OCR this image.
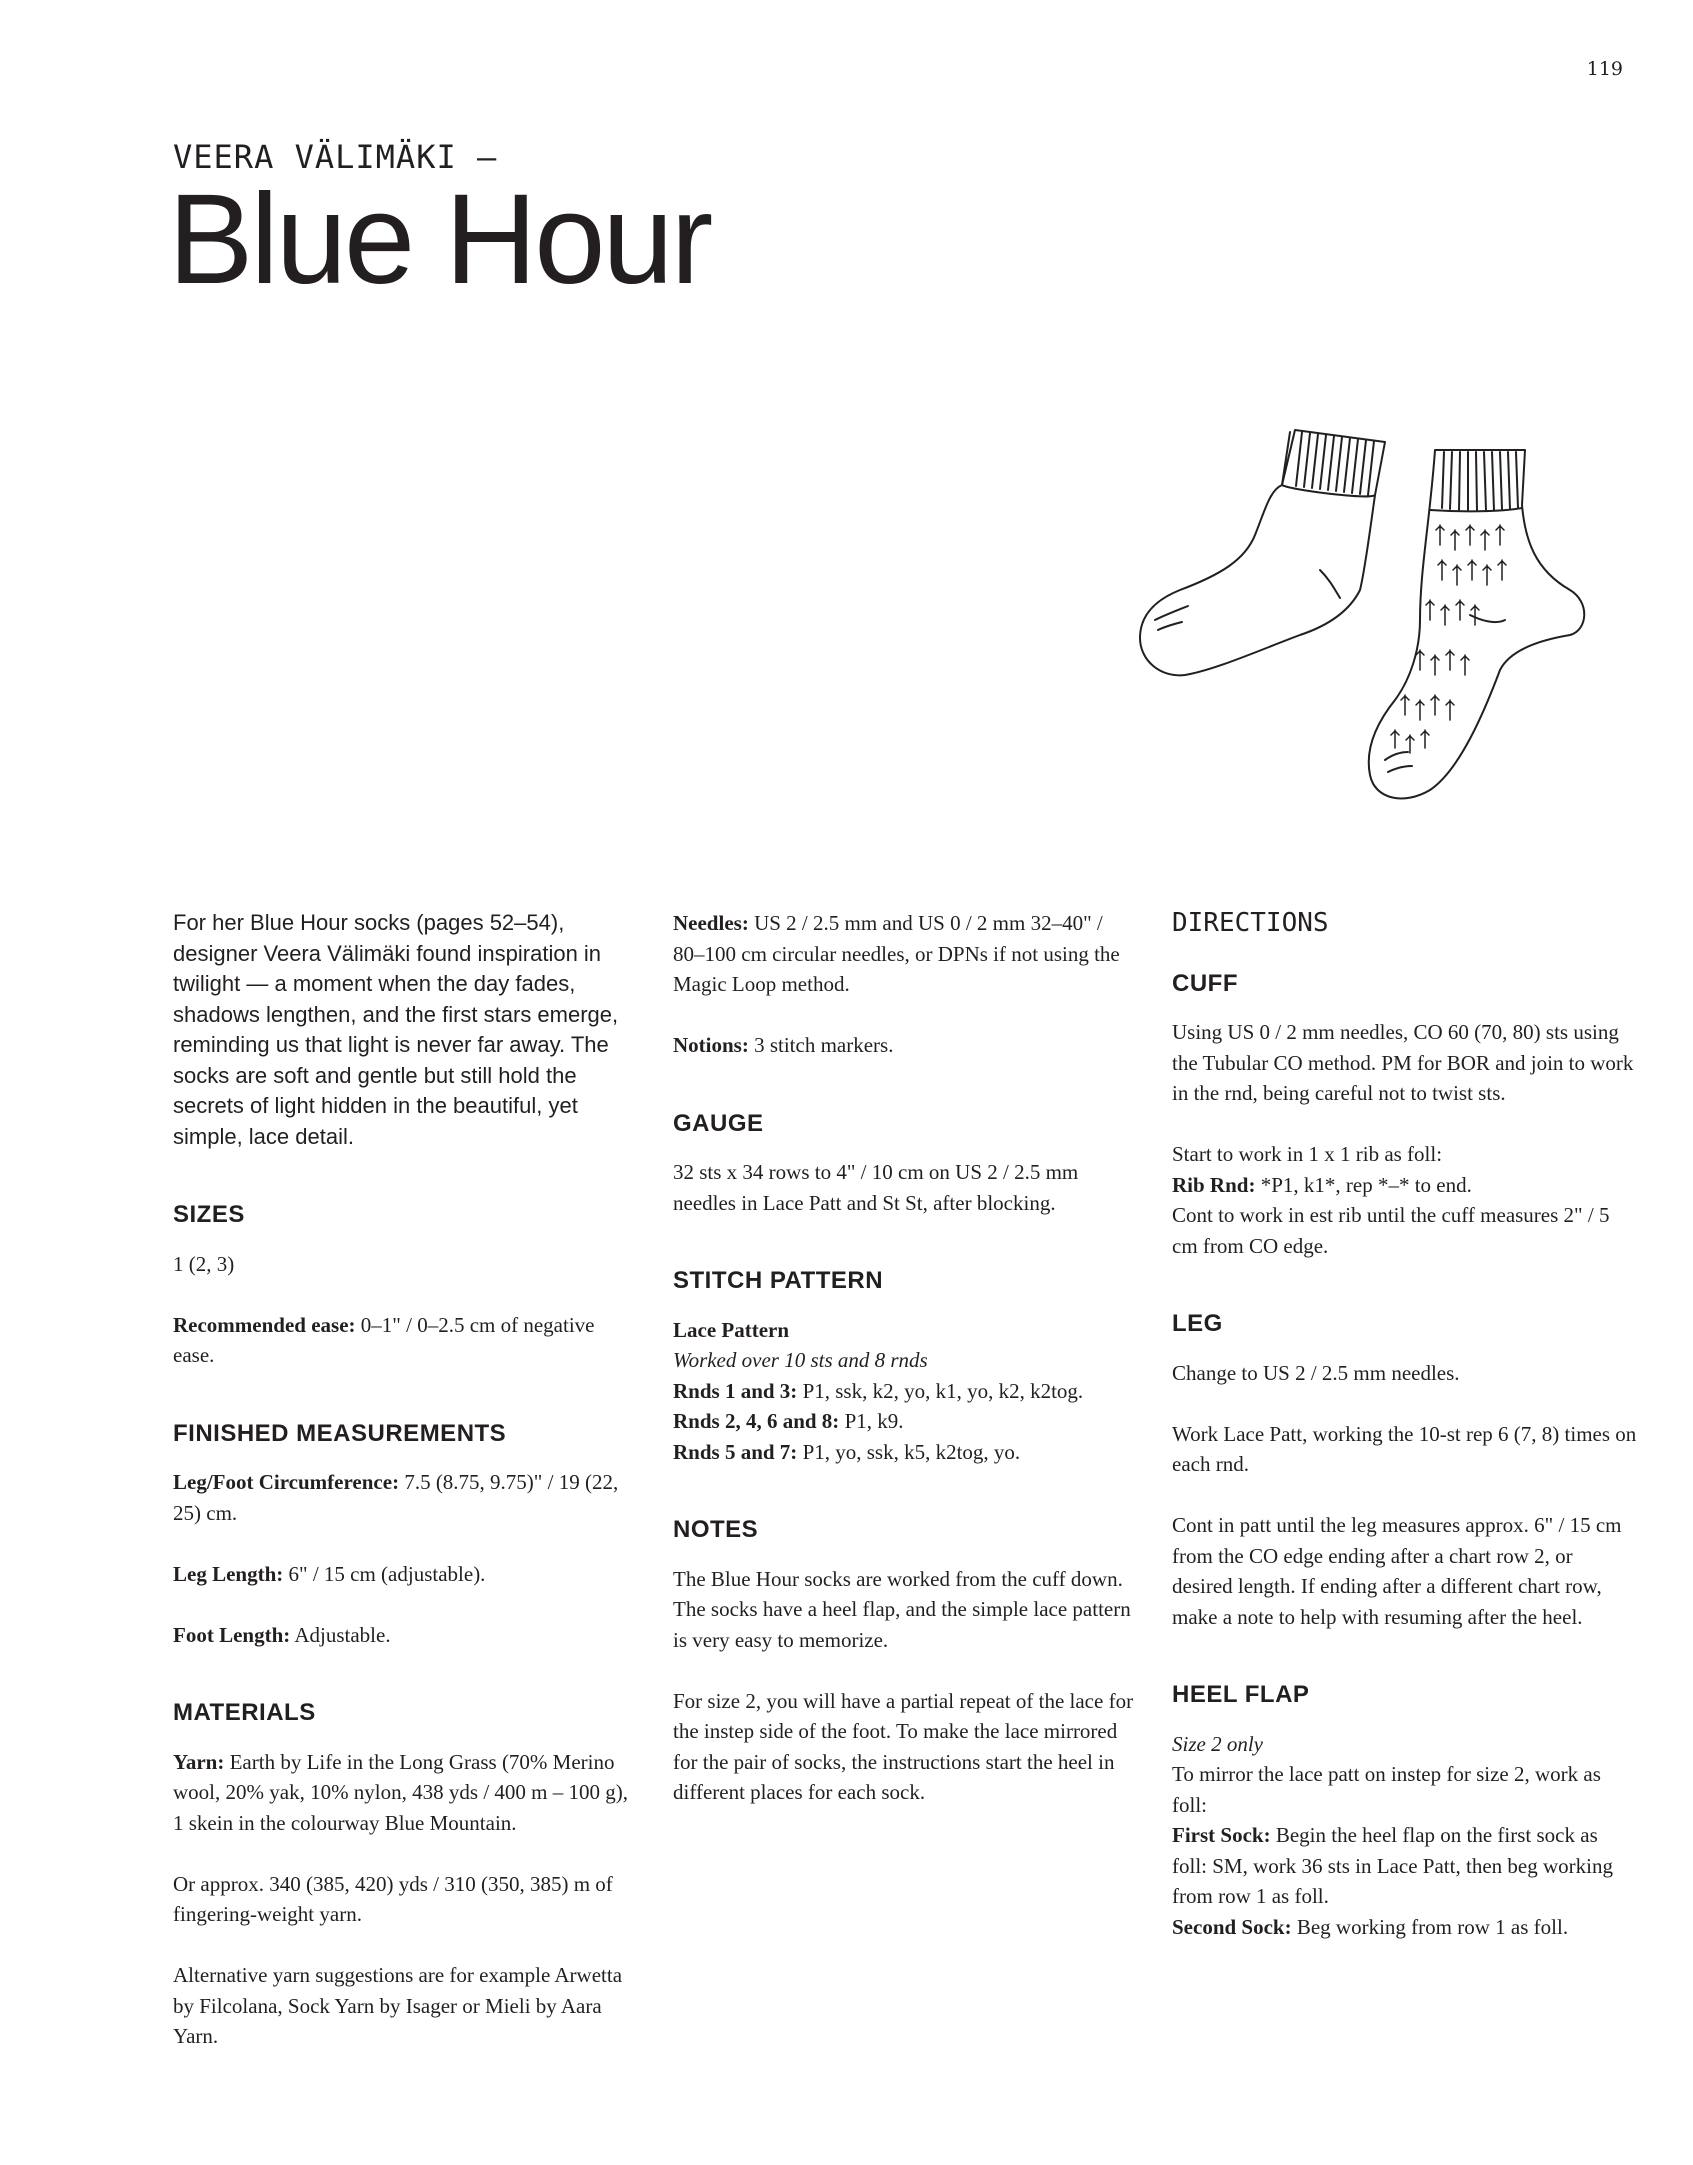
119
VEERA VÄLIMÄKI —
Blue Hour

For her Blue Hour socks (pages 52–54), designer Veera Välimäki found inspiration in twilight — a moment when the day fades, shadows lengthen, and the first stars emerge, reminding us that light is never far away. The socks are soft and gentle but still hold the secrets of light hidden in the beautiful, yet simple, lace detail.

SIZES

1 (2, 3)

Recommended ease: 0–1" / 0–2.5 cm of negative ease.

FINISHED MEASUREMENTS

Leg/Foot Circumference: 7.5 (8.75, 9.75)" / 19 (22, 25) cm.

Leg Length: 6" / 15 cm (adjustable).

Foot Length: Adjustable.

MATERIALS

Yarn: Earth by Life in the Long Grass (70% Merino wool, 20% yak, 10% nylon, 438 yds / 400 m – 100 g), 1 skein in the colourway Blue Mountain.

Or approx. 340 (385, 420) yds / 310 (350, 385) m of fingering-weight yarn.

Alternative yarn suggestions are for example Arwetta by Filcolana, Sock Yarn by Isager or Mieli by Aara Yarn.

Needles: US 2 / 2.5 mm and US 0 / 2 mm 32–40" / 80–100 cm circular needles, or DPNs if not using the Magic Loop method.

Notions: 3 stitch markers.

GAUGE

32 sts x 34 rows to 4" / 10 cm on US 2 / 2.5 mm needles in Lace Patt and St St, after blocking.

STITCH PATTERN

Lace Pattern

Worked over 10 sts and 8 rnds

Rnds 1 and 3: P1, ssk, k2, yo, k1, yo, k2, k2tog.

Rnds 2, 4, 6 and 8: P1, k9.

Rnds 5 and 7: P1, yo, ssk, k5, k2tog, yo.

NOTES

The Blue Hour socks are worked from the cuff down. The socks have a heel flap, and the simple lace pattern is very easy to memorize.

For size 2, you will have a partial repeat of the lace for the instep side of the foot. To make the lace mirrored for the pair of socks, the instructions start the heel in different places for each sock.

DIRECTIONS
CUFF

Using US 0 / 2 mm needles, CO 60 (70, 80) sts using the Tubular CO method. PM for BOR and join to work in the rnd, being careful not to twist sts.

Start to work in 1 x 1 rib as foll:

Rib Rnd: *P1, k1*, rep *–* to end.

Cont to work in est rib until the cuff measures 2" / 5 cm from CO edge.

LEG

Change to US 2 / 2.5 mm needles.

Work Lace Patt, working the 10-st rep 6 (7, 8) times on each rnd.

Cont in patt until the leg measures approx. 6" / 15 cm from the CO edge ending after a chart row 2, or desired length. If ending after a different chart row, make a note to help with resuming after the heel.

HEEL FLAP

Size 2 only

To mirror the lace patt on instep for size 2, work as foll:

First Sock: Begin the heel flap on the first sock as foll: SM, work 36 sts in Lace Patt, then beg working from row 1 as foll.

Second Sock: Beg working from row 1 as foll.
